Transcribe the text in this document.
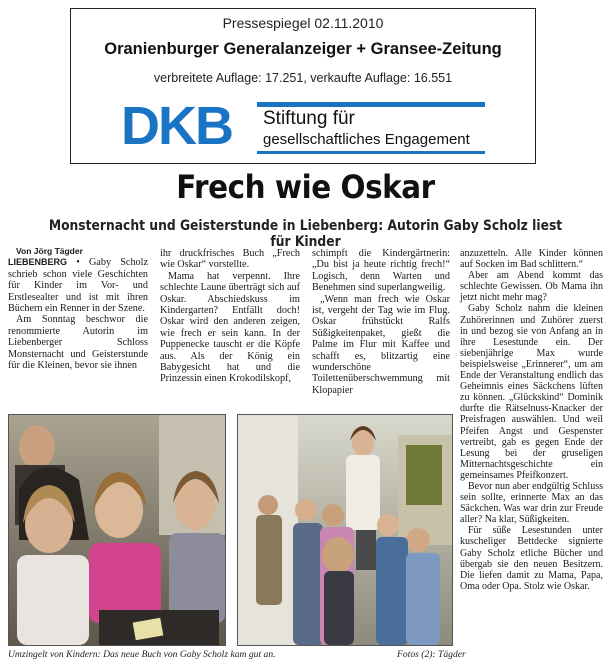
Pressespiegel 02.11.2010
Oranienburger Generalanzeiger + Gransee-Zeitung
verbreitete Auflage: 17.251, verkaufte Auflage: 16.551
DKB Stiftung für
gesellschaftliches Engagement
Frech wie Oskar
Monsternacht und Geisterstunde in Liebenberg: Autorin Gaby Scholz liest für Kinder

Von Jörg Tägder

LIEBENBERG • Gaby Scholz schrieb schon viele Geschichten für Kinder im Vor- und Erstlesealter und ist mit ihren Büchern ein Renner in der Szene.

Am Sonntag beschwor die renommierte Autorin im Liebenberger Schloss Monsternacht und Geisterstunde für die Kleinen, bevor sie ihnen

ihr druckfrisches Buch „Frech wie Oskar“ vorstellte.

Mama hat verpennt. Ihre schlechte Laune überträgt sich auf Oskar. Abschiedskuss im Kindergarten? Entfällt doch! Oskar wird den anderen zeigen, wie frech er sein kann. In der Puppenecke tauscht er die Köpfe aus. Als der König ein Babygesicht hat und die Prinzessin einen Krokodilskopf,

schimpft die Kindergärtnerin: „Du bist ja heute richtig frech!“ Logisch, denn Warten und Benehmen sind superlangweilig.

„Wenn man frech wie Oskar ist, vergeht der Tag wie im Flug. Oskar frühstückt Ralfs Süßigkeitenpaket, gießt die Palme im Flur mit Kaffee und schafft es, blitzartig eine wunderschöne Toilettenüberschwemmung mit Klopapier

anzuzetteln. Alle Kinder können auf Socken im Bad schlittern.“

Aber am Abend kommt das schlechte Gewissen. Ob Mama ihn jetzt nicht mehr mag?

Gaby Scholz nahm die kleinen Zuhörerinnen und Zuhörer zuerst in und bezog sie von Anfang an in ihre Lesestunde ein. Der siebenjährige Max wurde beispielsweise „Erinnerer“, um am Ende der Veranstaltung endlich das Geheimnis eines Säckchens lüften zu können. „Glückskind“ Dominik durfte die Rätselnuss-Knacker der Preisfragen auswählen. Und weil Pfeifen Angst und Gespenster vertreibt, gab es gegen Ende der Lesung bei der gruseligen Mitternachtsgeschichte ein gemeinsames Pfeifkonzert.

Bevor nun aber endgültig Schluss sein sollte, erinnerte Max an das Säckchen. Was war drin zur Freude aller? Na klar, Süßigkeiten.

Für süße Lesestunden unter kuscheliger Bettdecke signierte Gaby Scholz etliche Bücher und übergab sie den neuen Besitzern. Die liefen damit zu Mama, Papa, Oma oder Opa. Stolz wie Oskar.

Umzingelt von Kindern: Das neue Buch von Gaby Scholz kam gut an.	Fotos (2): Tägder
